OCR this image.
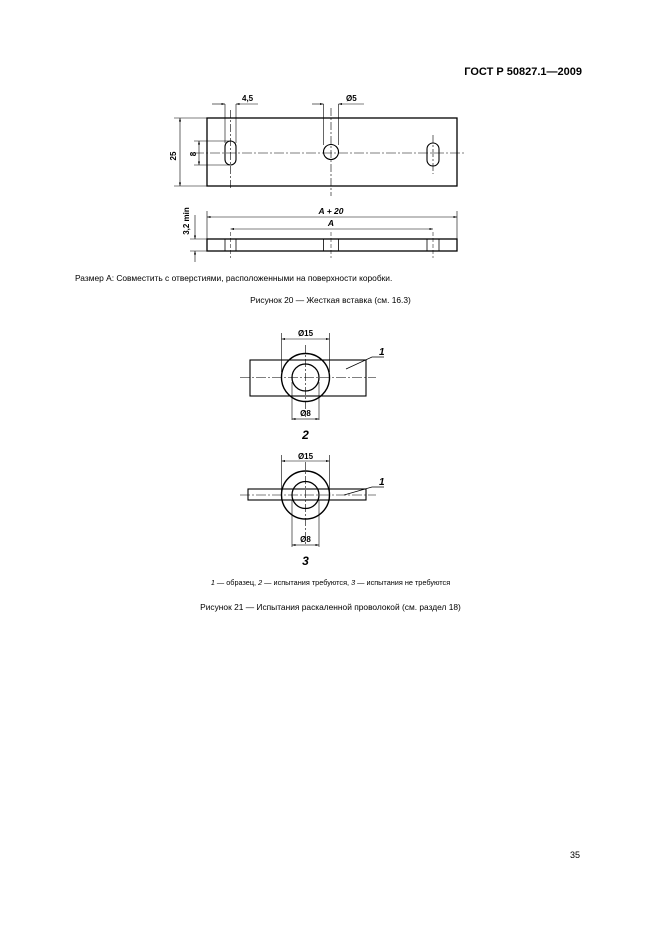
ГОСТ Р 50827.1—2009
4,5	Ø5
25 8
A + 20
A
3,2 min
Ø15
Ø8
1
2
Ø15
Ø8
1
3
Размер A: Совместить с отверстиями, расположенными на поверхности коробки.
Рисунок 20 — Жесткая вставка (см. 16.3)
1 — образец, 2 — испытания требуются, 3 — испытания не требуются
Рисунок 21 — Испытания раскаленной проволокой (см. раздел 18)
35
